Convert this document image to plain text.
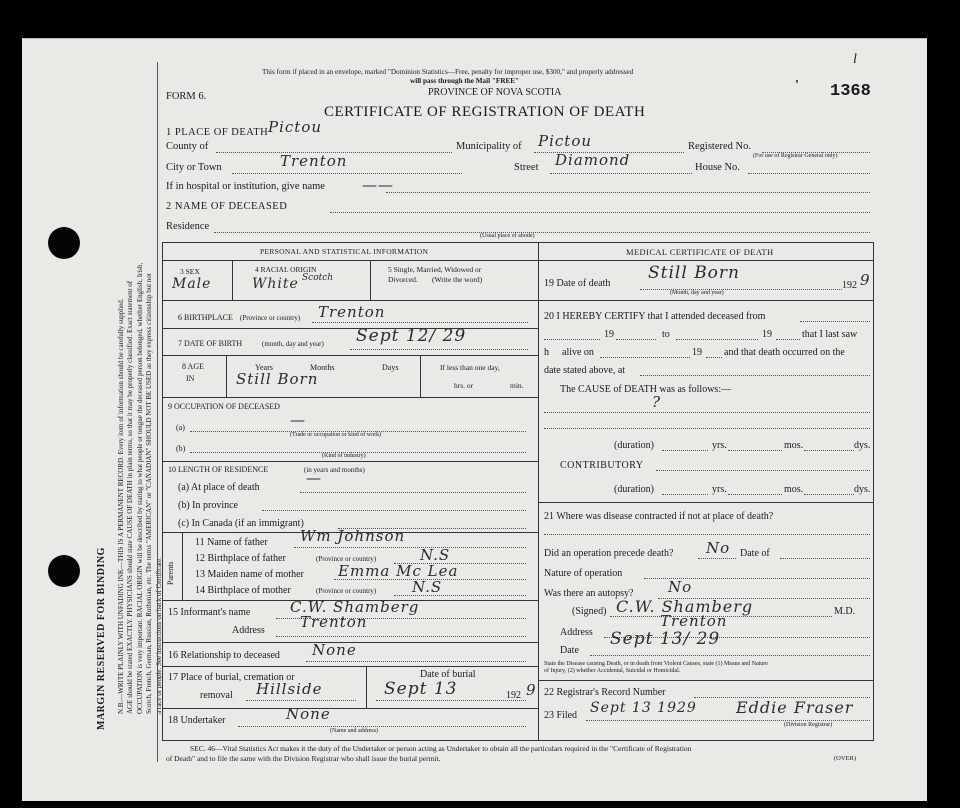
MARGIN RESERVED FOR BINDING N.B.—WRITE PLAINLY WITH UNFADING INK—THIS IS A PERMANENT RECORD. Every item of information should be carefully supplied. AGE should be stated EXACTLY. PHYSICIANS should state CAUSE OF DEATH in plain terms, so that it may be properly classified. Exact statement of OCCUPATION is very important. RACIAL ORIGIN will be described by stating to what people or tongue the deceased person belonged, whether English, Irish, Scotch, French, German, Russian, Ruthenian, etc. The terms "AMERICAN" or "CANADIAN" SHOULD NOT BE USED as they express citizenship but not a race or people. See instructions on back of Certificate.
This form if placed in an envelope, marked "Dominion Statistics—Free, penalty for improper use, $300," and properly addressed
will pass through the Mail "FREE"
PROVINCE OF NOVA SCOTIA
FORM 6.
CERTIFICATE OF REGISTRATION OF DEATH
1368
l
'
1 PLACE OF DEATH Pictou
County of	Municipality of Pictou	Registered No.
(For use of Registrar General only)
City or Town	Trenton	Street Diamond	House No.
If in hospital or institution, give name ——
2 NAME OF DECEASED
Residence
(Usual place of abode)
PERSONAL AND STATISTICAL INFORMATION
3 SEX
Male
4 RACIAL ORIGIN
White Scotch
5 Single, Married, Widowed or
Divorced. (Write the word)
6 BIRTHPLACE (Province or country) Trenton
7 DATE OF BIRTH	(month, day and year) Sept 12/ 29
8 AGE
IN
Years	Months	Days
Still Born
If less than one day,
hrs. or	min.
9 OCCUPATION OF DECEASED
(a)	—
(Trade or occupation or kind of work)
(b)
(Kind of industry)
10 LENGTH OF RESIDENCE	(in years and months)
(a) At place of death
—
(b) In province
(c) In Canada (if an immigrant)
Parents
11 Name of father Wm Johnson
12 Birthplace of father	(Province or country)	N.S
13 Maiden name of mother Emma Mc Lea
14 Birthplace of mother	(Province or country) N.S
15 Informant's name	C.W. Shamberg
Address Trenton
16 Relationship to deceased None
17 Place of burial, cremation or
removal Hillside
Date of burial
Sept 13	192 9
18 Undertaker	None
(Name and address)
MEDICAL CERTIFICATE OF DEATH
19 Date of death
Still Born
192 9
(Month, day and year)
20 I HEREBY CERTIFY that I attended deceased from
19	to	19	that I last saw
h alive on	19 and that death occurred on the
date stated above, at
The CAUSE of DEATH was as follows:—
?
(duration)	yrs.	mos.	dys.
CONTRIBUTORY
(duration)	yrs.	mos.	dys.
21 Where was disease contracted if not at place of death?
Did an operation precede death? No Date of
Nature of operation
Was there an autopsy? No
(Signed) C.W. Shamberg	M.D.
Address
Trenton
Date
Sept 13/ 29
State the Disease causing Death, or in death from Violent Causes, state (1) Means and Nature
of Injury, (2) whether Accidental, Suicidal or Homicidal.
22 Registrar's Record Number
23 Filed Sept 13 1929 Eddie Fraser
(Division Registrar)
SEC. 46—Vital Statistics Act makes it the duty of the Undertaker or person acting as Undertaker to obtain all the particulars required in the "Certificate of Registration
of Death" and to file the same with the Division Registrar who shall issue the burial permit.	(OVER)
